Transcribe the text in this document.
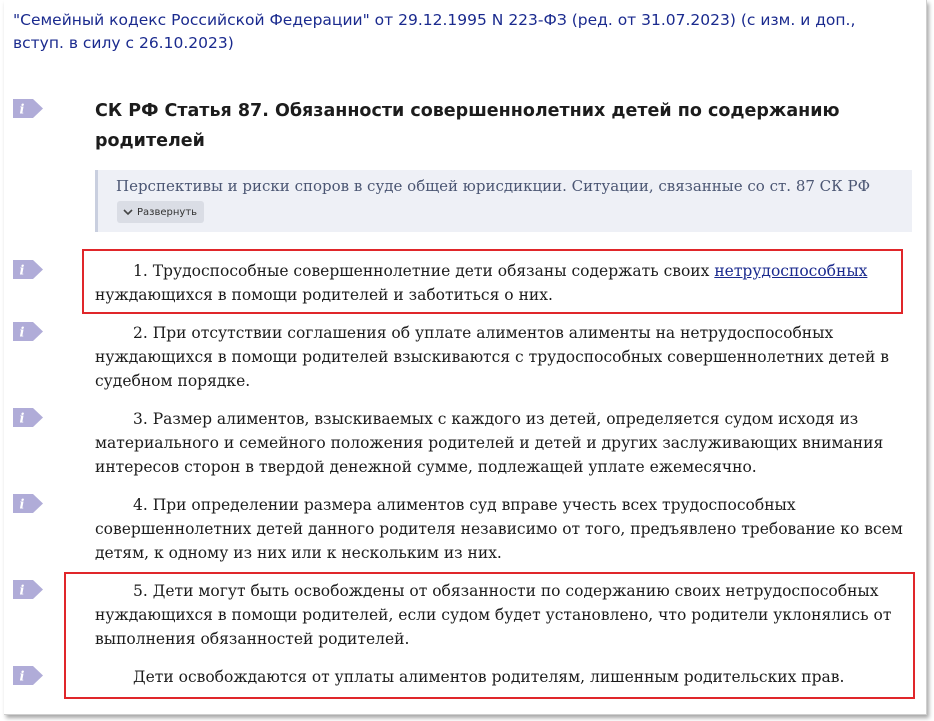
"Семейный кодекс Российской Федерации" от 29.12.1995 N 223-ФЗ (ред. от 31.07.2023) (с изм. и доп., вступ. в силу с 26.10.2023)
СК РФ Статья 87. Обязанности совершеннолетних детей по содержанию родителей
Перспективы и риски споров в суде общей юрисдикции. Ситуации, связанные со ст. 87 СК РФ
Развернуть
1. Трудоспособные совершеннолетние дети обязаны содержать своих нетрудоспособных нуждающихся в помощи родителей и заботиться о них.
2. При отсутствии соглашения об уплате алиментов алименты на нетрудоспособных нуждающихся в помощи родителей взыскиваются с трудоспособных совершеннолетних детей в судебном порядке.
3. Размер алиментов, взыскиваемых с каждого из детей, определяется судом исходя из материального и семейного положения родителей и детей и других заслуживающих внимания интересов сторон в твердой денежной сумме, подлежащей уплате ежемесячно.
4. При определении размера алиментов суд вправе учесть всех трудоспособных совершеннолетних детей данного родителя независимо от того, предъявлено требование ко всем детям, к одному из них или к нескольким из них.
5. Дети могут быть освобождены от обязанности по содержанию своих нетрудоспособных нуждающихся в помощи родителей, если судом будет установлено, что родители уклонялись от выполнения обязанностей родителей.
Дети освобождаются от уплаты алиментов родителям, лишенным родительских прав.
